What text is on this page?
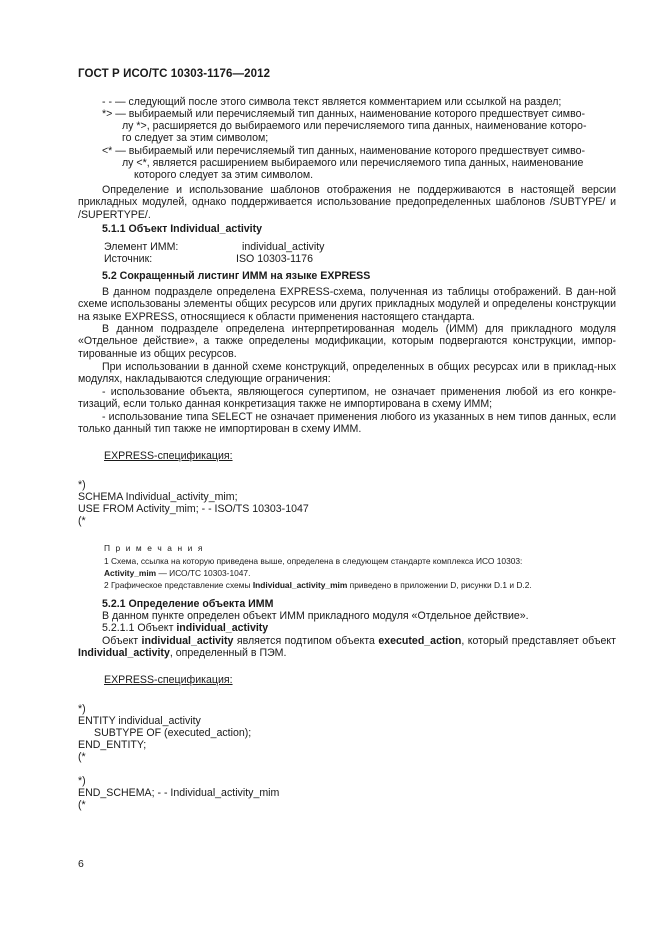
ГОСТ Р ИСО/ТС 10303-1176—2012
- - — следующий после этого символа текст является комментарием или ссылкой на раздел;
*> — выбираемый или перечисляемый тип данных, наименование которого предшествует симво-
лу *>, расширяется до выбираемого или перечисляемого типа данных, наименование которо-
го следует за этим символом;
<* — выбираемый или перечисляемый тип данных, наименование которого предшествует симво-
лу <*, является расширением выбираемого или перечисляемого типа данных, наименование
которого следует за этим символом.
Определение и использование шаблонов отображения не поддерживаются в настоящей версии прикладных модулей, однако поддерживается использование предопределенных шаблонов /SUBTYPE/ и /SUPERTYPE/.
5.1.1 Объект Individual_activity
Элемент ИММ:	individual_activity
Источник:	ISO 10303-1176
5.2 Сокращенный листинг ИММ на языке EXPRESS
В данном подразделе определена EXPRESS-схема, полученная из таблицы отображений. В дан-ной схеме использованы элементы общих ресурсов или других прикладных модулей и определены конструкции на языке EXPRESS, относящиеся к области применения настоящего стандарта.
В данном подразделе определена интерпретированная модель (ИММ) для прикладного модуля «Отдельное действие», а также определены модификации, которым подвергаются конструкции, импор-тированные из общих ресурсов.
При использовании в данной схеме конструкций, определенных в общих ресурсах или в приклад-ных модулях, накладываются следующие ограничения:
- использование объекта, являющегося супертипом, не означает применения любой из его конкре-тизаций, если только данная конкретизация также не импортирована в схему ИММ;
- использование типа SELECT не означает применения любого из указанных в нем типов данных, если только данный тип также не импортирован в схему ИММ.
EXPRESS-спецификация:
*)
SCHEMA Individual_activity_mim;
USE FROM Activity_mim; - - ISO/TS 10303-1047
(*
П р и м е ч а н и я
1 Схема, ссылка на которую приведена выше, определена в следующем стандарте комплекса ИСО 10303:
Activity_mim — ИСО/ТС 10303-1047.
2 Графическое представление схемы Individual_activity_mim приведено в приложении D, рисунки D.1 и D.2.
5.2.1 Определение объекта ИММ
В данном пункте определен объект ИММ прикладного модуля «Отдельное действие».
5.2.1.1 Объект individual_activity
Объект individual_activity является подтипом объекта executed_action, который представляет объект Individual_activity, определенный в ПЭМ.
EXPRESS-спецификация:
*)
ENTITY individual_activity
SUBTYPE OF (executed_action);
END_ENTITY;
(*
*)
END_SCHEMA; - - Individual_activity_mim
(*
6
